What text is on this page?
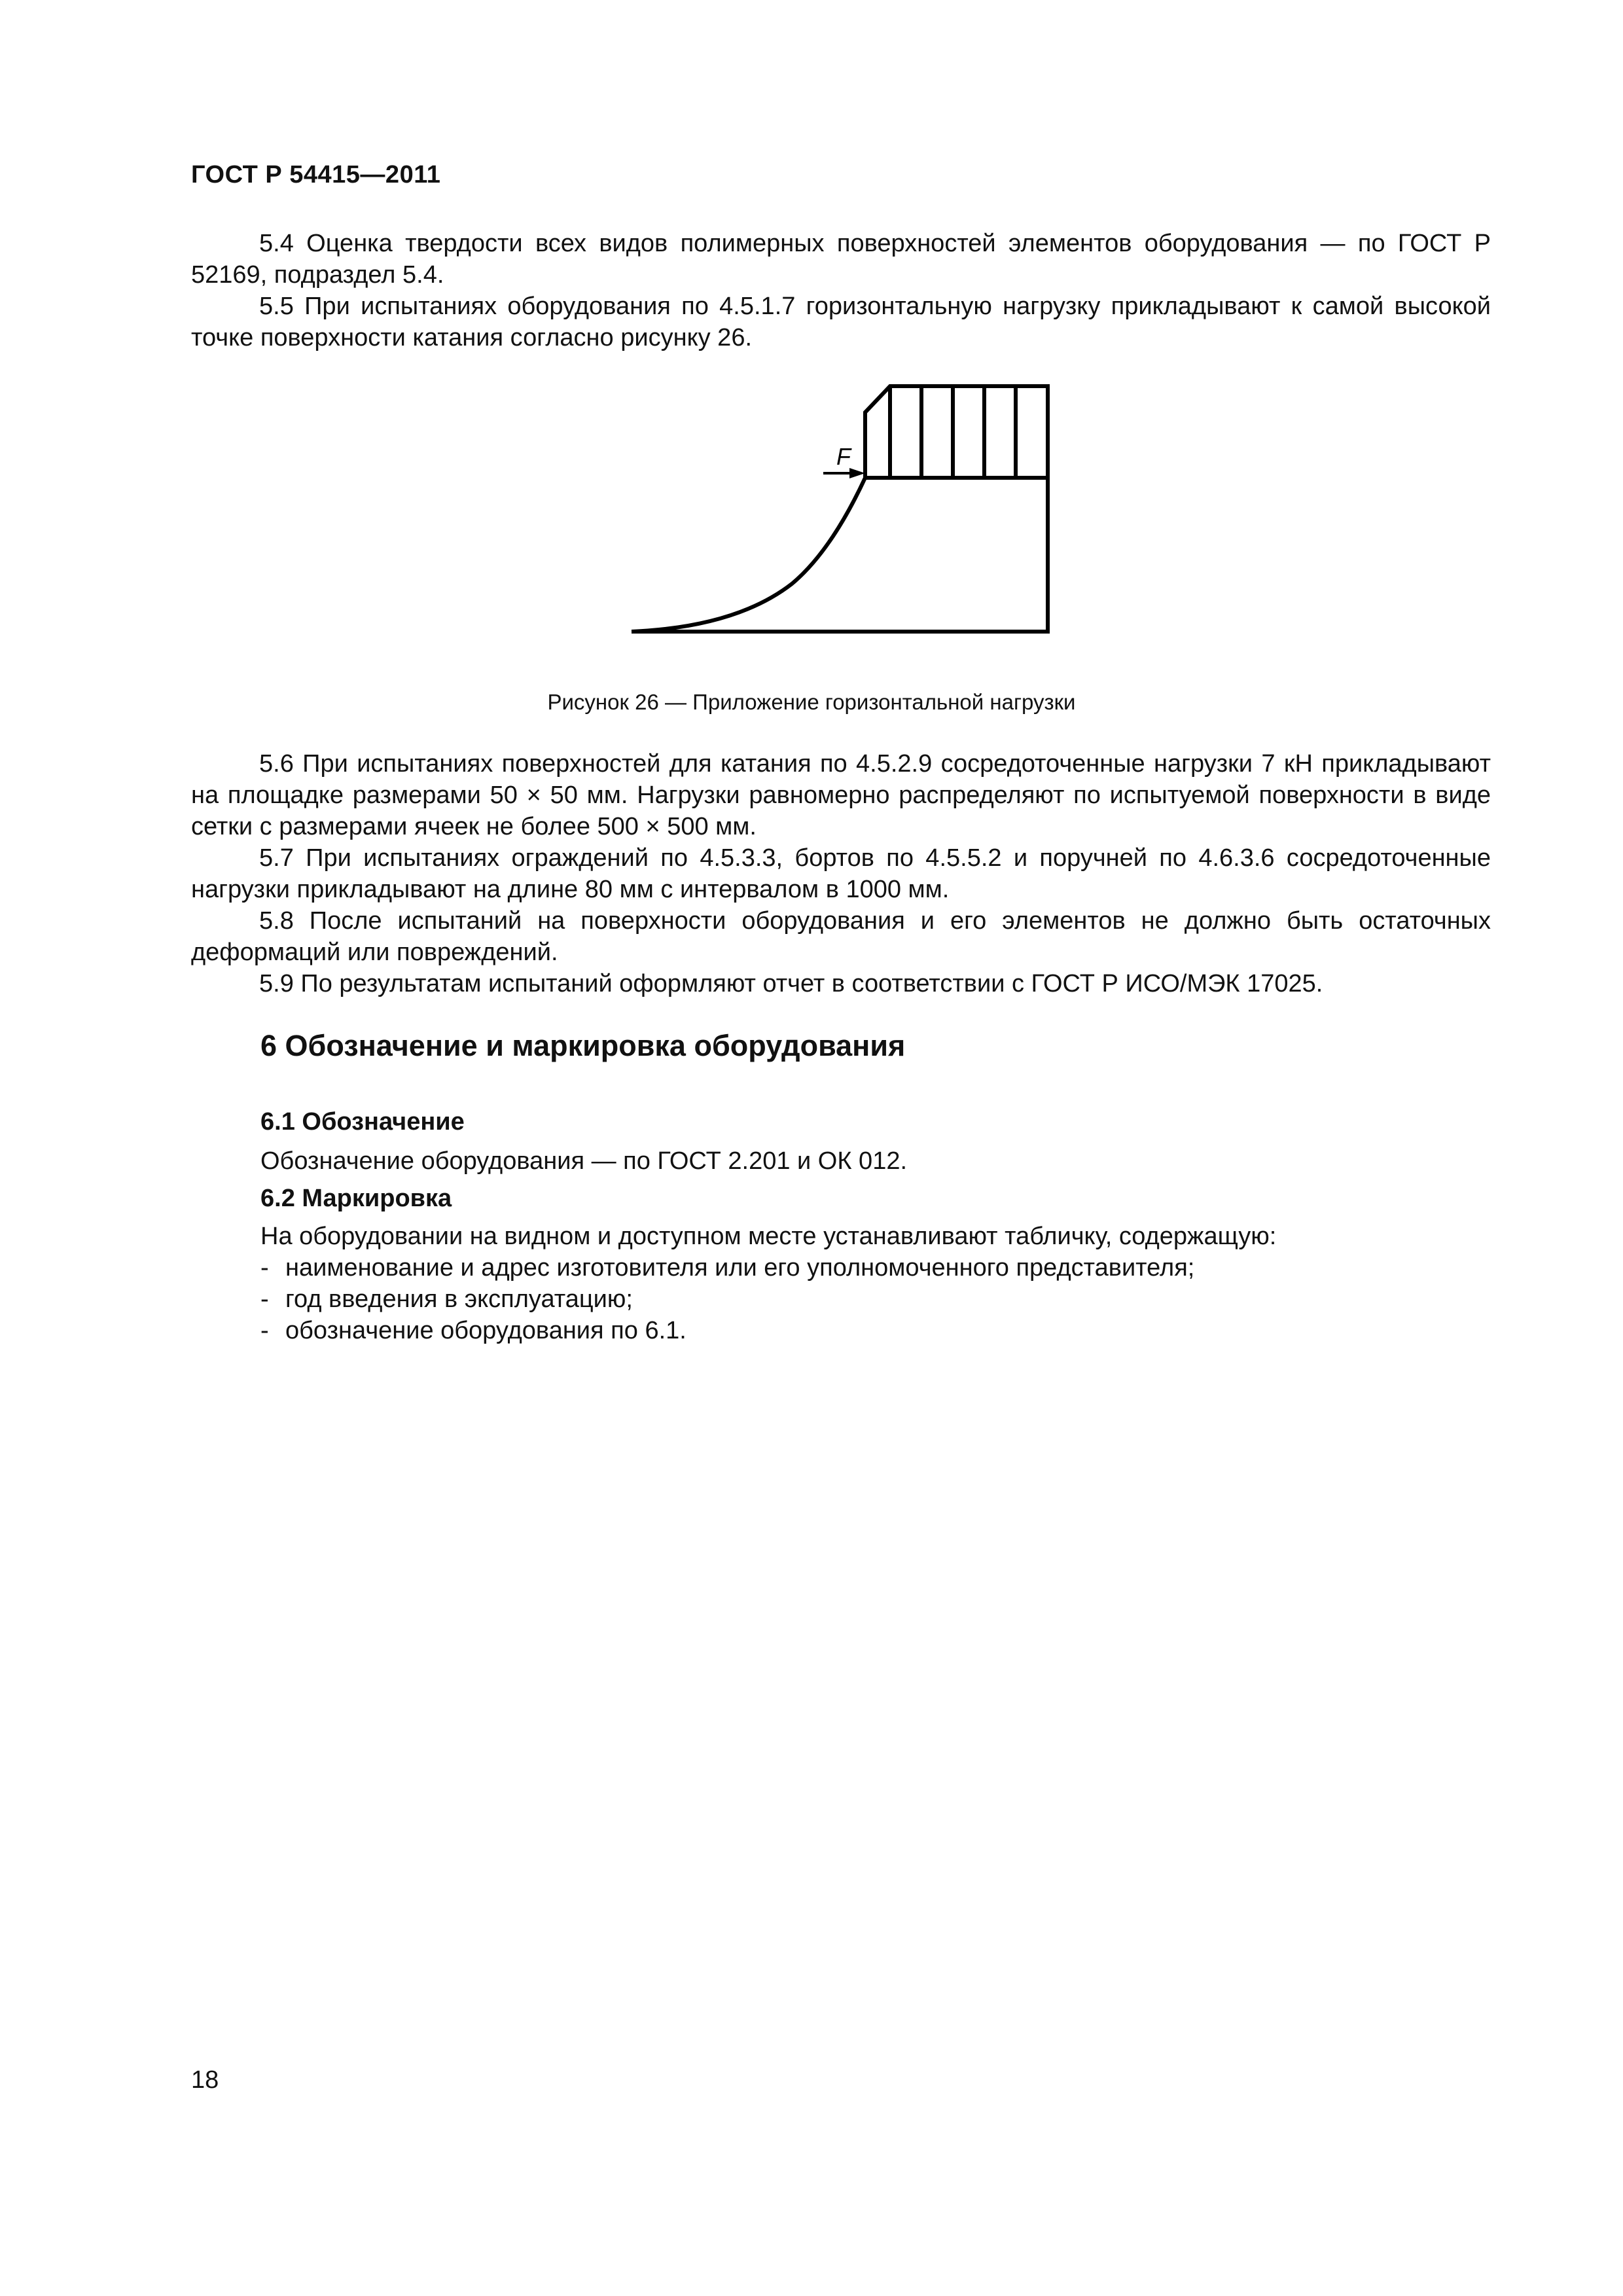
ГОСТ Р 54415—2011

5.4 Оценка твердости всех видов полимерных поверхностей элементов оборудования — по ГОСТ Р 52169, подраздел 5.4.

5.5 При испытаниях оборудования по 4.5.1.7 горизонтальную нагрузку прикладывают к самой высокой точке поверхности катания согласно рисунку 26.

F
Рисунок 26 — Приложение горизонтальной нагрузки

5.6 При испытаниях поверхностей для катания по 4.5.2.9 сосредоточенные нагрузки 7 кН прикладывают на площадке размерами 50 × 50 мм. Нагрузки равномерно распределяют по испытуемой поверхности в виде сетки с размерами ячеек не более 500 × 500 мм.

5.7 При испытаниях ограждений по 4.5.3.3, бортов по 4.5.5.2 и поручней по 4.6.3.6 сосредоточенные нагрузки прикладывают на длине 80 мм с интервалом в 1000 мм.

5.8 После испытаний на поверхности оборудования и его элементов не должно быть остаточных деформаций или повреждений.

5.9 По результатам испытаний оформляют отчет в соответствии с ГОСТ Р ИСО/МЭК 17025.

6 Обозначение и маркировка оборудования
6.1 Обозначение
Обозначение оборудования — по ГОСТ 2.201 и ОК 012.
6.2 Маркировка
На оборудовании на видном и доступном месте устанавливают табличку, содержащую:
- наименование и адрес изготовителя или его уполномоченного представителя;
- год введения в эксплуатацию;
- обозначение оборудования по 6.1.
18
